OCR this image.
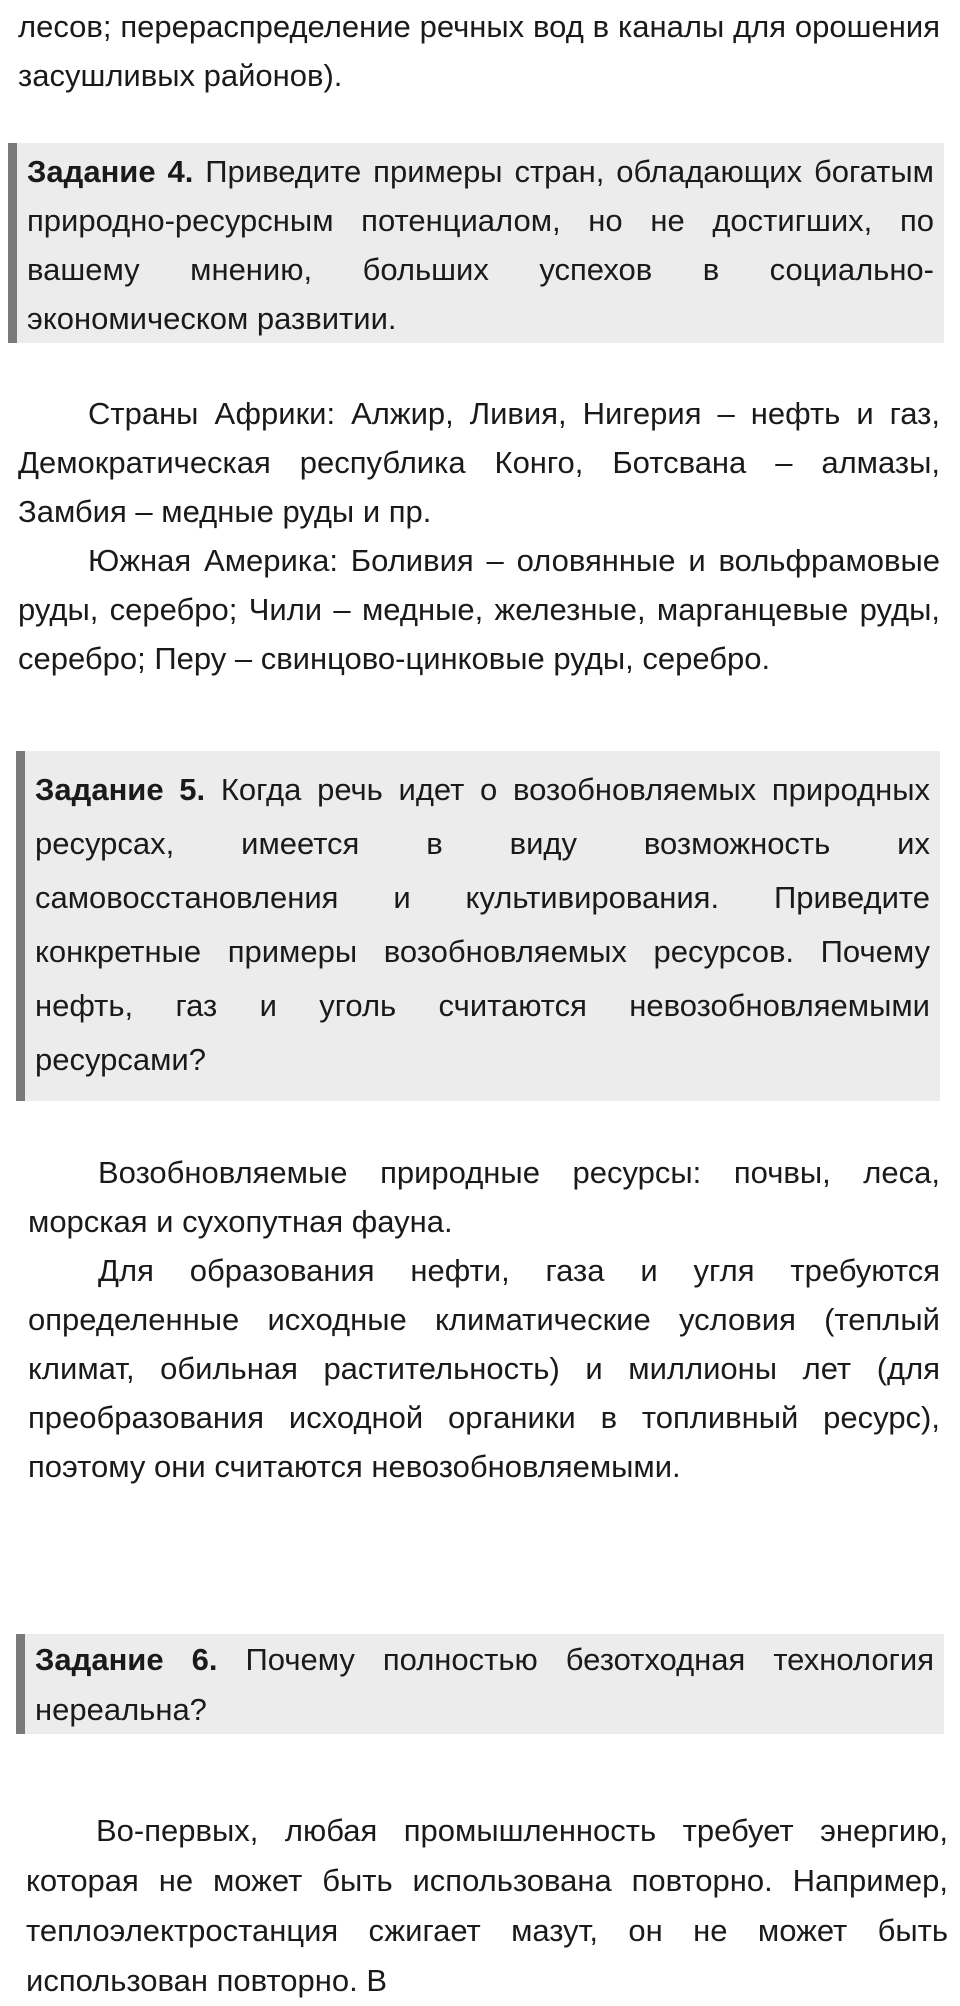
лесов; перераспределение речных вод в каналы для орошения засушливых районов).

Задание 4. Приведите примеры стран, обладающих богатым природно-ресурсным потенциалом, но не достигших, по вашему мнению, больших успехов в социально-экономическом развитии.

Страны Африки: Алжир, Ливия, Нигерия – нефть и газ, Демократическая республика Конго, Ботсвана – алмазы, Замбия – медные руды и пр.

Южная Америка: Боливия – оловянные и вольфрамовые руды, серебро; Чили – медные, железные, марганцевые руды, серебро; Перу – свинцово-цинковые руды, серебро.

Задание 5. Когда речь идет о возобновляемых природных ресурсах, имеется в виду возможность их самовосстановления и культивирования. Приведите конкретные примеры возобновляемых ресурсов. Почему нефть, газ и уголь считаются невозобновляемыми ресурсами?

Возобновляемые природные ресурсы: почвы, леса, морская и сухопутная фауна.

Для образования нефти, газа и угля требуются определенные исходные климатические условия (теплый климат, обильная растительность) и миллионы лет (для преобразования исходной органики в топливный ресурс), поэтому они считаются невозобновляемыми.

Задание 6. Почему полностью безотходная технология нереальна?

Во-первых, любая промышленность требует энергию, которая не может быть использована повторно. Например, теплоэлектростанция сжигает мазут, он не может быть использован повторно. В
